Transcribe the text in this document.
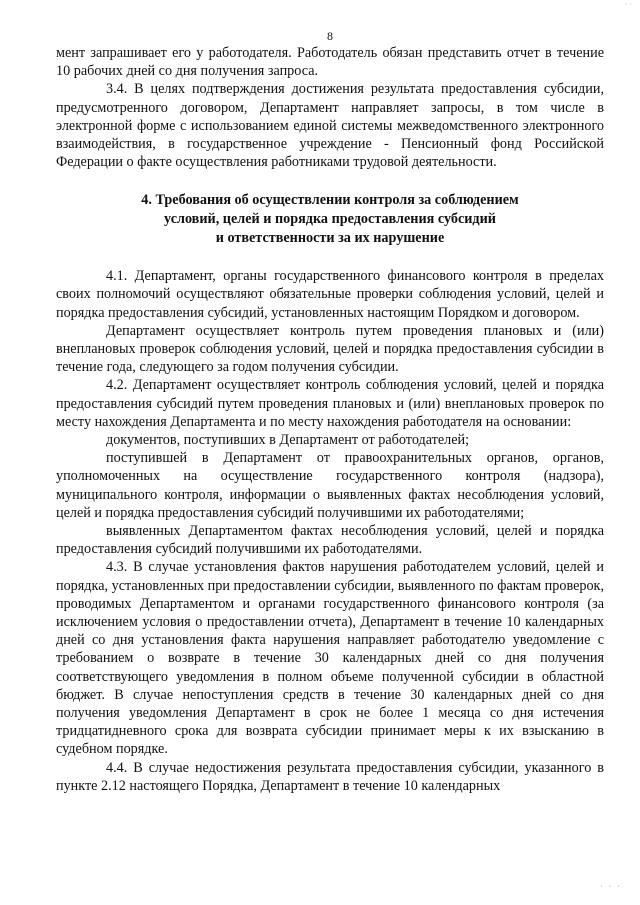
8

мент запрашивает его у работодателя. Работодатель обязан представить отчет в течение 10 рабочих дней со дня получения запроса.

3.4. В целях подтверждения достижения результата предоставления субсидии, предусмотренного договором, Департамент направляет запросы, в том числе в электронной форме с использованием единой системы межведомственного электронного взаимодействия, в государственное учреждение - Пенсионный фонд Российской Федерации о факте осуществления работниками трудовой деятельности.

4. Требования об осуществлении контроля за соблюдением
условий, целей и порядка предоставления субсидий
и ответственности за их нарушение

4.1. Департамент, органы государственного финансового контроля в пределах своих полномочий осуществляют обязательные проверки соблюдения условий, целей и порядка предоставления субсидий, установленных настоящим Порядком и договором.

Департамент осуществляет контроль путем проведения плановых и (или) внеплановых проверок соблюдения условий, целей и порядка предоставления субсидии в течение года, следующего за годом получения субсидии.

4.2. Департамент осуществляет контроль соблюдения условий, целей и порядка предоставления субсидий путем проведения плановых и (или) внеплановых проверок по месту нахождения Департамента и по месту нахождения работодателя на основании:

документов, поступивших в Департамент от работодателей;

поступившей в Департамент от правоохранительных органов, органов, уполномоченных на осуществление государственного контроля (надзора), муниципального контроля, информации о выявленных фактах несоблюдения условий, целей и порядка предоставления субсидий получившими их работодателями;

выявленных Департаментом фактах несоблюдения условий, целей и порядка предоставления субсидий получившими их работодателями.

4.3. В случае установления фактов нарушения работодателем условий, целей и порядка, установленных при предоставлении субсидии, выявленного по фактам проверок, проводимых Департаментом и органами государственного финансового контроля (за исключением условия о предоставлении отчета), Департамент в течение 10 календарных дней со дня установления факта нарушения направляет работодателю уведомление с требованием о возврате в течение 30 календарных дней со дня получения соответствующего уведомления в полном объеме полученной субсидии в областной бюджет. В случае непоступления средств в течение 30 календарных дней со дня получения уведомления Департамент в срок не более 1 месяца со дня истечения тридцатидневного срока для возврата субсидии принимает меры к их взысканию в судебном порядке.

4.4. В случае недостижения результата предоставления субсидии, указанного в пункте 2.12 настоящего Порядка, Департамент в течение 10 календарных

· ·
· · ·
